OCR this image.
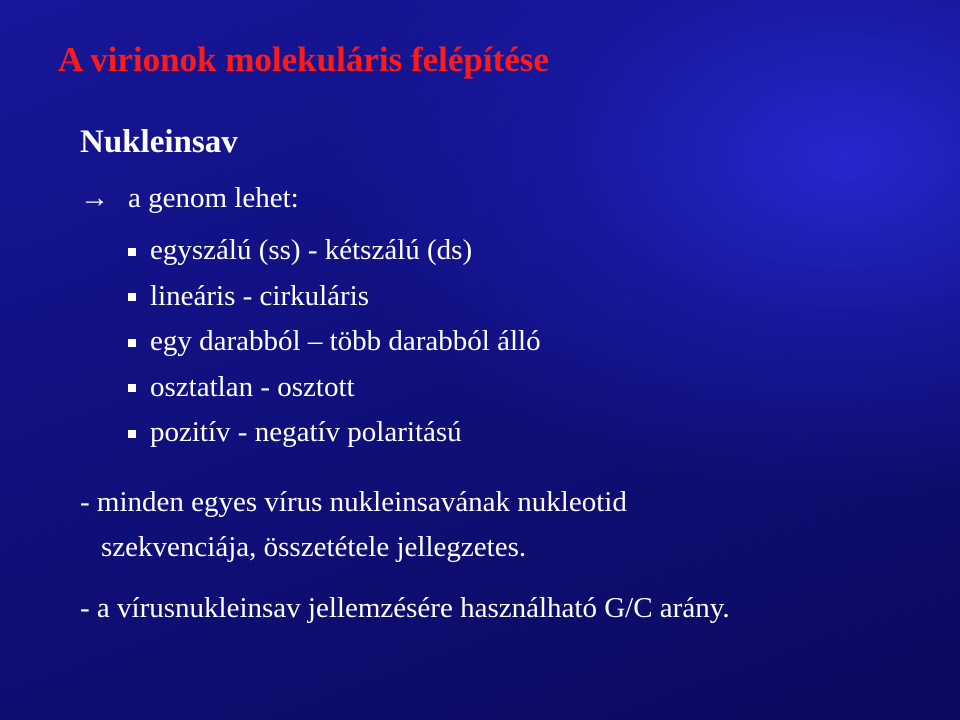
A virionok molekuláris felépítése
Nukleinsav
→ a genom lehet:
egyszálú (ss) - kétszálú (ds)
lineáris - cirkuláris
egy darabból – több darabból álló
osztatlan - osztott
pozitív - negatív polaritású
- minden egyes vírus nukleinsavának nukleotid
szekvenciája, összetétele jellegzetes.
- a vírusnukleinsav jellemzésére használható G/C arány.
